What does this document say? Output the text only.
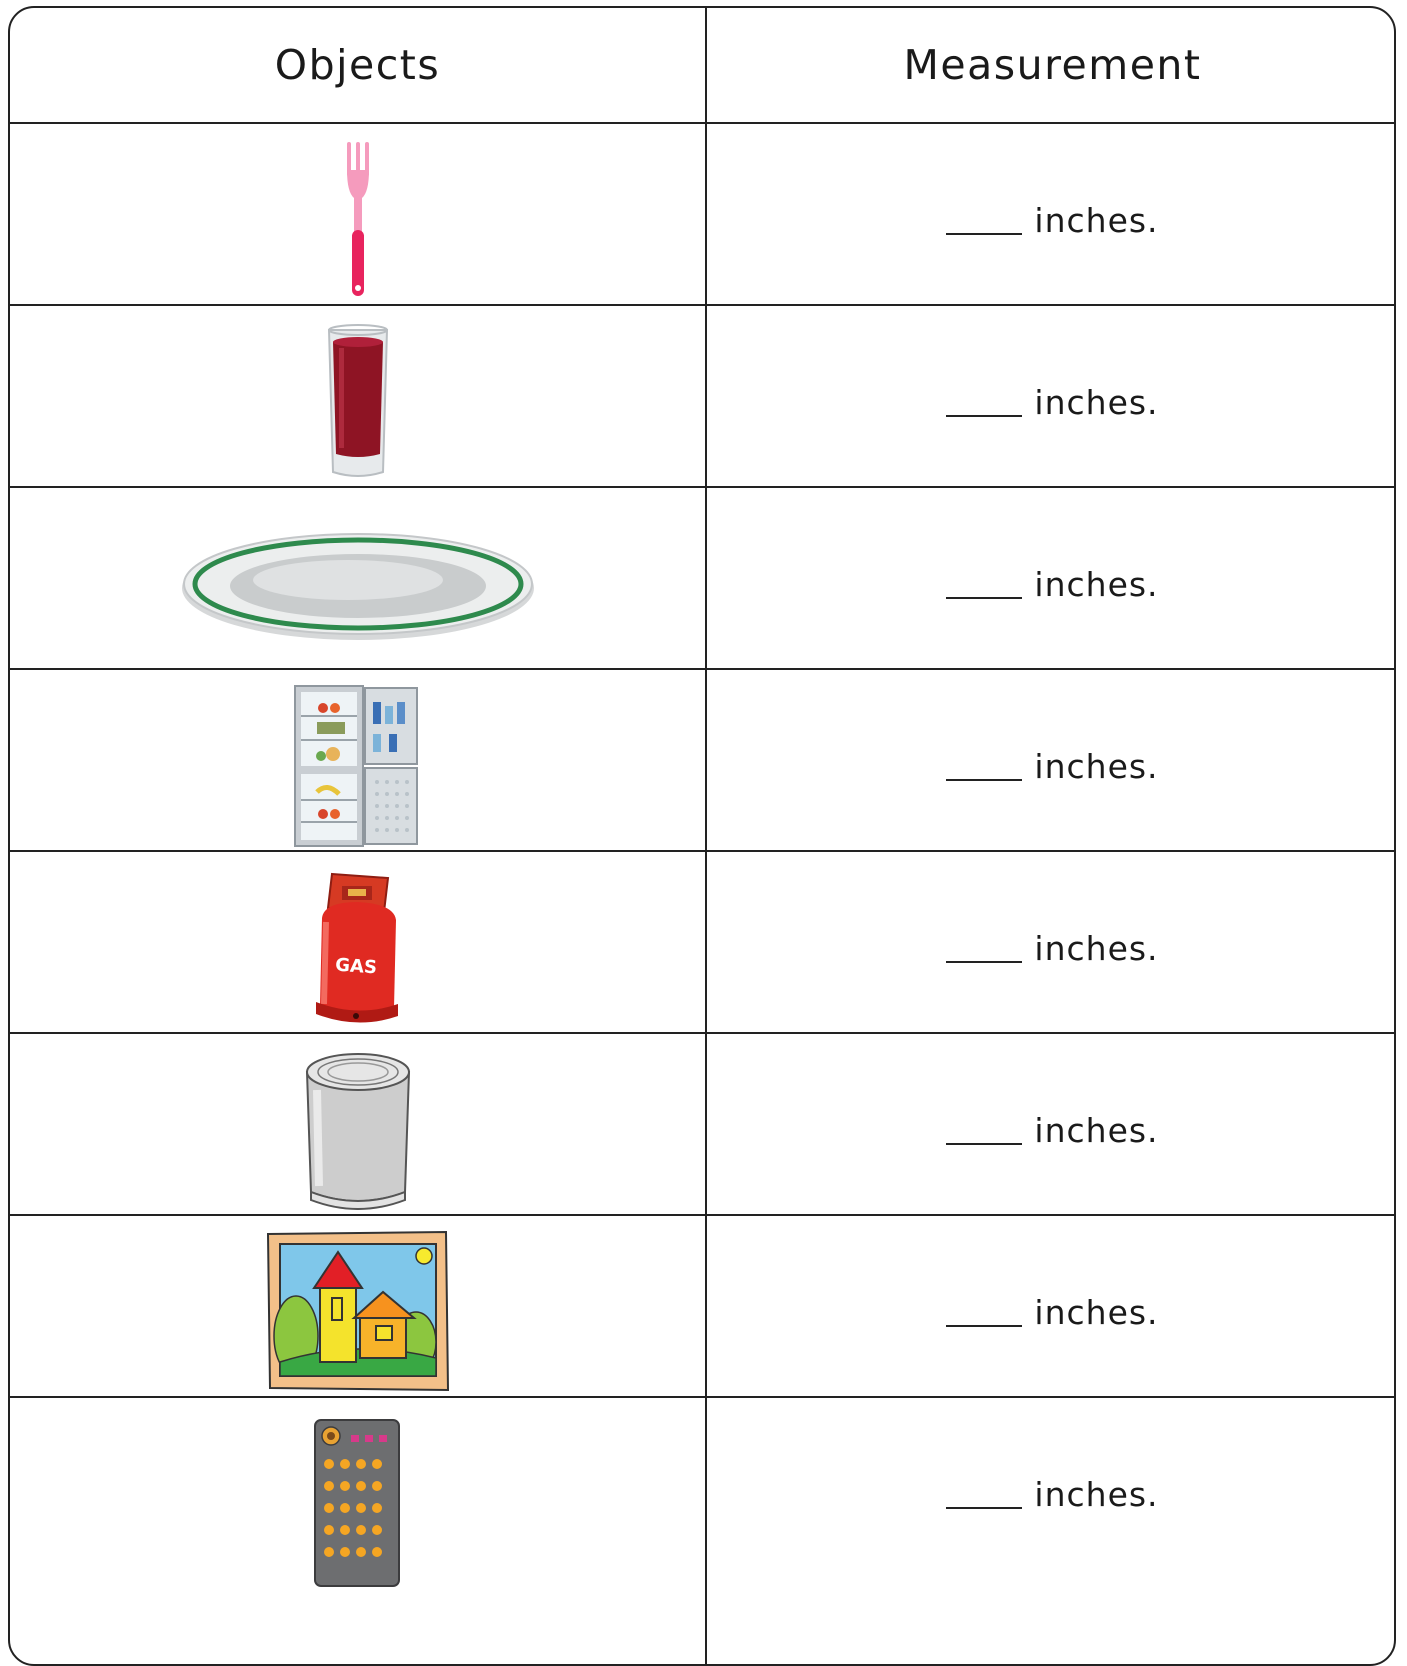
Objects	Measurement
inches.
inches.
inches.
inches.
GAS	inches.
inches.
inches.
inches.
